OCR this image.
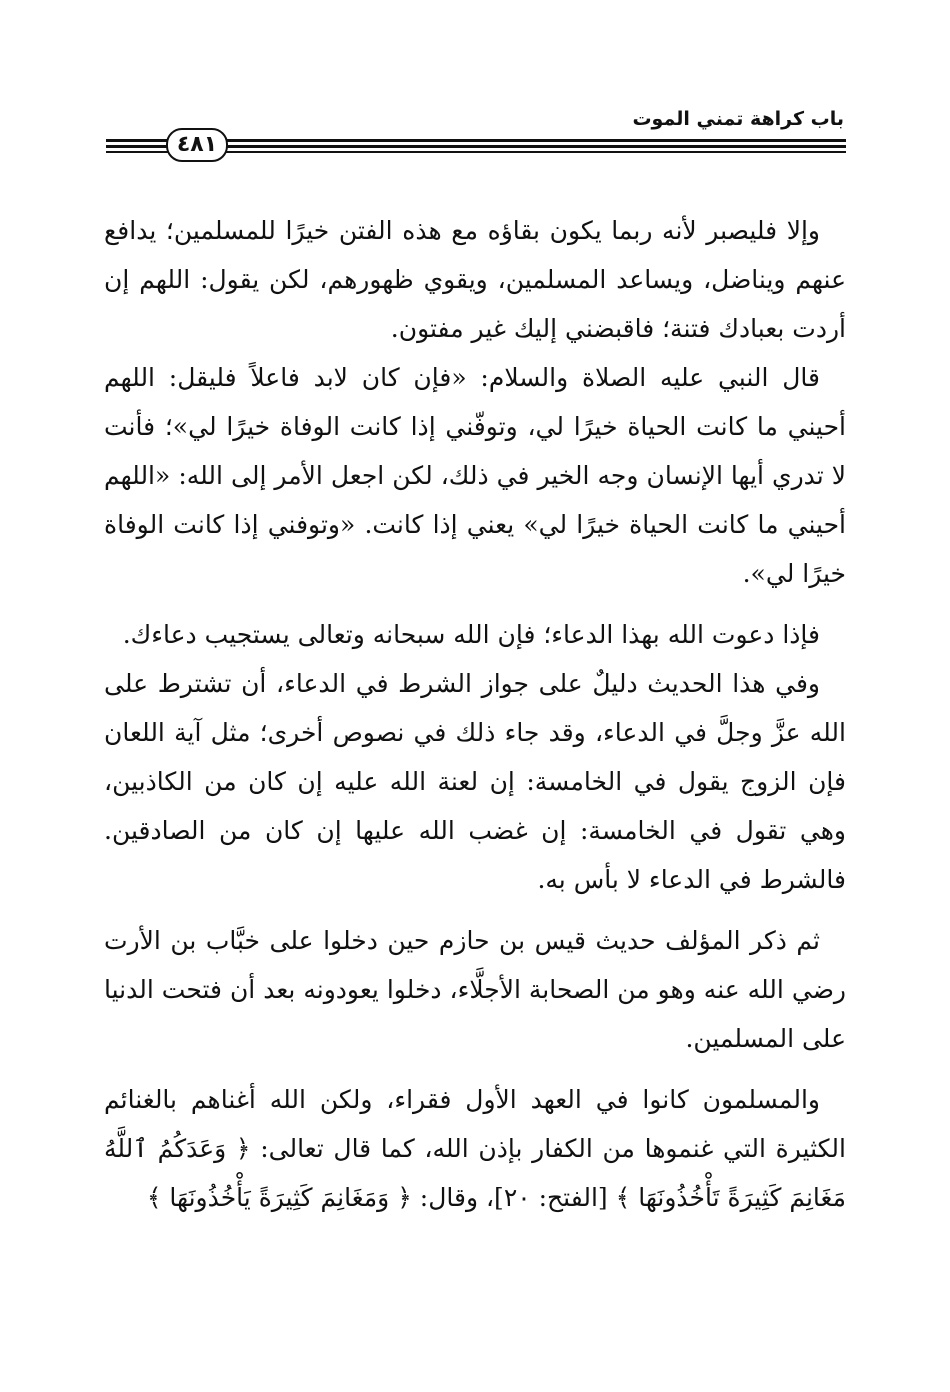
باب كراهة تمني الموت
٤٨١

وإلا فليصبر لأنه ربما يكون بقاؤه مع هذه الفتن خيرًا للمسلمين؛ يدافع عنهم ويناضل، ويساعد المسلمين، ويقوي ظهورهم، لكن يقول: اللهم إن أردت بعبادك فتنة؛ فاقبضني إليك غير مفتون.

قال النبي عليه الصلاة والسلام: «فإن كان لابد فاعلاً فليقل: اللهم أحيني ما كانت الحياة خيرًا لي، وتوفّني إذا كانت الوفاة خيرًا لي»؛ فأنت لا تدري أيها الإنسان وجه الخير في ذلك، لكن اجعل الأمر إلى الله: «اللهم أحيني ما كانت الحياة خيرًا لي» يعني إذا كانت. «وتوفني إذا كانت الوفاة خيرًا لي».

فإذا دعوت الله بهذا الدعاء؛ فإن الله سبحانه وتعالى يستجيب دعاءك.

وفي هذا الحديث دليلٌ على جواز الشرط في الدعاء، أن تشترط على الله عزَّ وجلَّ في الدعاء، وقد جاء ذلك في نصوص أخرى؛ مثل آية اللعان فإن الزوج يقول في الخامسة: إن لعنة الله عليه إن كان من الكاذبين، وهي تقول في الخامسة: إن غضب الله عليها إن كان من الصادقين. فالشرط في الدعاء لا بأس به.

ثم ذكر المؤلف حديث قيس بن حازم حين دخلوا على خبَّاب بن الأرت رضي الله عنه وهو من الصحابة الأجلَّاء، دخلوا يعودونه بعد أن فتحت الدنيا على المسلمين.

والمسلمون كانوا في العهد الأول فقراء، ولكن الله أغناهم بالغنائم الكثيرة التي غنموها من الكفار بإذن الله، كما قال تعالى: ﴿ وَعَدَكُمُ ٱللَّهُ مَغَانِمَ كَثِيرَةً تَأْخُذُونَهَا ﴾ [الفتح: ٢٠]، وقال: ﴿ وَمَغَانِمَ كَثِيرَةً يَأْخُذُونَهَا ﴾
